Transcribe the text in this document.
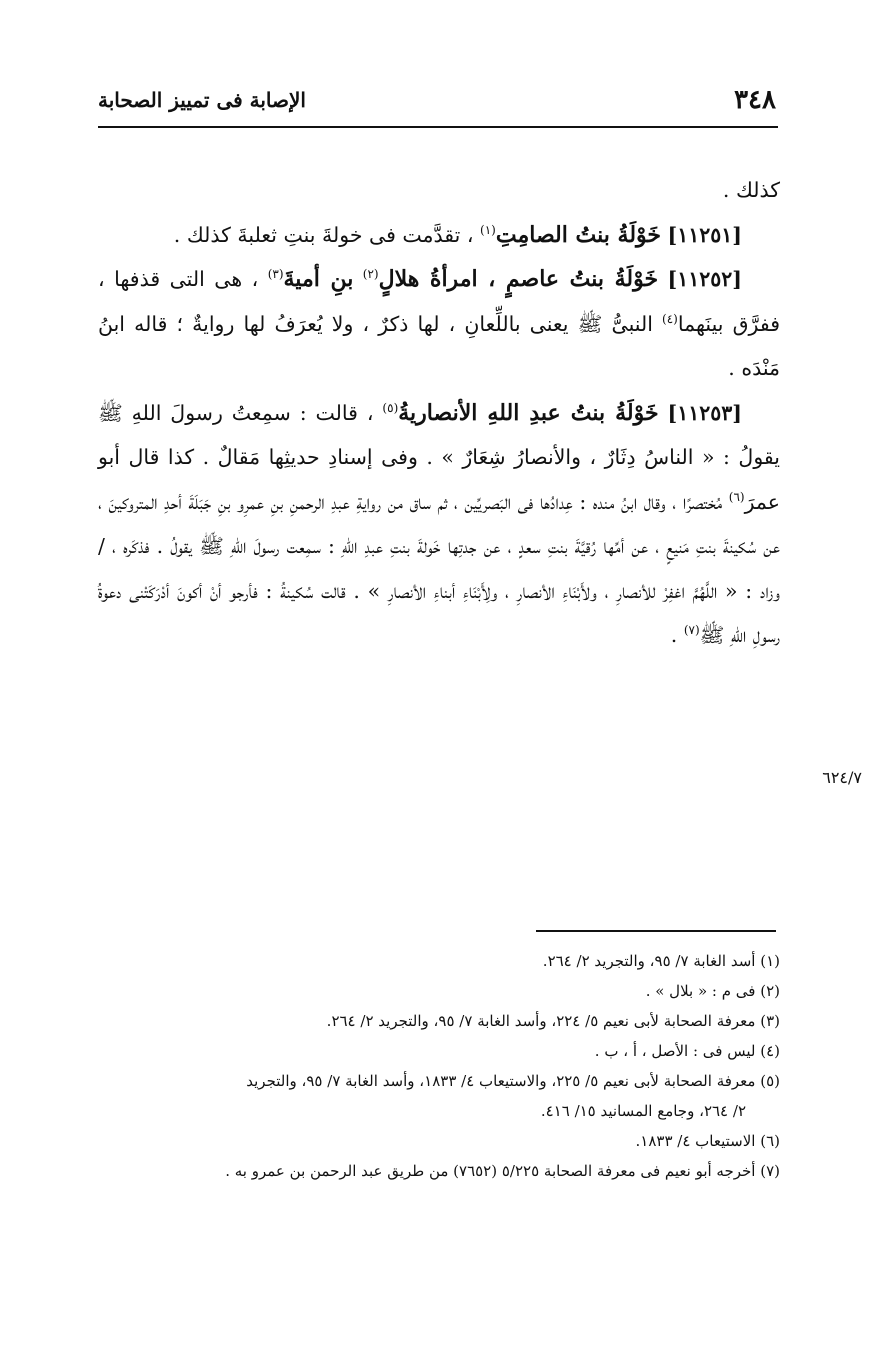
٣٤٨
الإصابة فى تمييز الصحابة

كذلك .

[١١٢٥١] خَوْلَةُ بنتُ الصامِتِ$^{(١)}$ ، تقدَّمت فى خولةَ بنتِ ثعلبةَ كذلك .

[١١٢٥٢] خَوْلَةُ بنتُ عاصمٍ ، امرأةُ هلالٍ$^{(٢)}$ بنِ أميةَ$^{(٣)}$ ، هى التى قذفها ، ففرَّق بينَهما$^{(٤)}$ النبىُّ ﷺ يعنى باللِّعانِ ، لها ذكرٌ ، ولا يُعرَفُ لها روايةٌ ؛ قاله ابنُ مَنْدَه .

[١١٢٥٣] خَوْلَةُ بنتُ عبدِ اللهِ الأنصاريةُ$^{(٥)}$ ، قالت : سمِعتُ رسولَ اللهِ ﷺ يقولُ : « الناسُ دِثَارٌ ، والأنصارُ شِعَارٌ » . وفى إسنادِ حديثِها مَقالٌ . كذا قال أبو عمرَ$^{(٦)}$ مُختصرًا ، وقال ابنُ منده : عِدادُها فى البَصريِّين ، ثم ساق من روايةِ عبدِ الرحمنِ بنِ عمرِو بنِ جَبَلَةَ أحدِ المتروكينَ ، عن سُكينةَ بنتِ مَنيعٍ ، عن أمِّها رُقيَّةَ بنتِ سعدٍ ، عن جدتِها خَولةَ بنتِ عبدِ اللهِ : سمِعت رسولَ اللهِ ﷺ يقولُ . فذكَره ، /وزاد : « اللَّهُمَّ اغفِرْ للأنصارِ ، ولأَبْنَاءِ الأنصارِ ، ولِأَبْنَاءِ أبناءِ الأنصارِ » . قالت سُكينةُ : فأرجو أنْ أكونَ أدْرَكَتْنى دعوةُ رسولِ اللهِ ﷺ$^{(٧)}$ .

٦٢٤/٧

(١) أسد الغابة ٧/ ٩٥، والتجريد ٢/ ٢٦٤.

(٢) فى م : « بلال » .

(٣) معرفة الصحابة لأبى نعيم ٥/ ٢٢٤، وأسد الغابة ٧/ ٩٥، والتجريد ٢/ ٢٦٤.

(٤) ليس فى : الأصل ، أ ، ب .

(٥) معرفة الصحابة لأبى نعيم ٥/ ٢٢٥، والاستيعاب ٤/ ١٨٣٣، وأسد الغابة ٧/ ٩٥، والتجريد

٢/ ٢٦٤، وجامع المسانيد ١٥/ ٤١٦.

(٦) الاستيعاب ٤/ ١٨٣٣.

(٧) أخرجه أبو نعيم فى معرفة الصحابة ٥/٢٢٥ (٧٦٥٢) من طريق عبد الرحمن بن عمرو به .
